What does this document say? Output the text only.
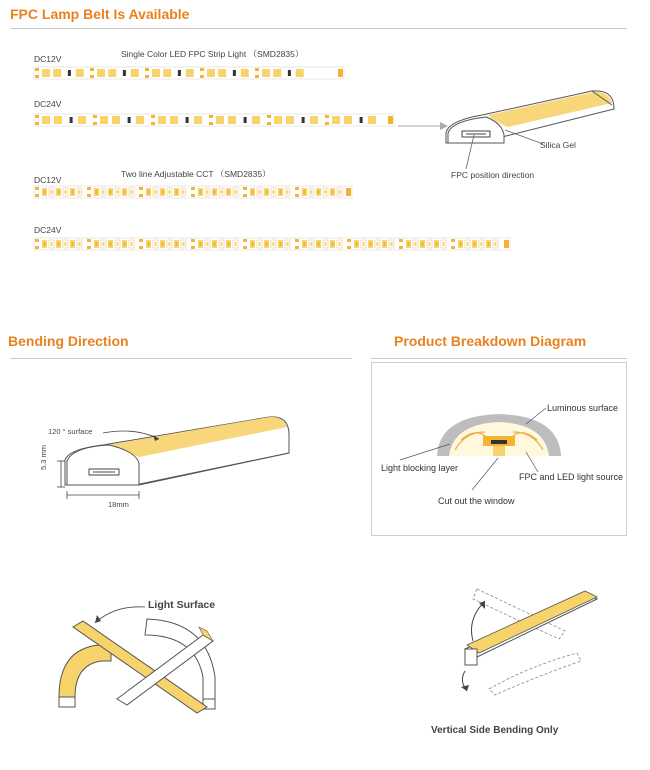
FPC Lamp Belt Is Available
DC12V	Single Color LED FPC Strip Light （SMD2835）
DC24V
DC12V
Two line Adjustable CCT （SMD2835）
DC24V
Silica Gel
FPC position direction
Bending Direction
120 ° surface
5.3 mm
18mm
Light Surface
Product Breakdown Diagram
Luminous surface
Light blocking layer
FPC and LED light source
Cut out the window
Vertical Side Bending Only
